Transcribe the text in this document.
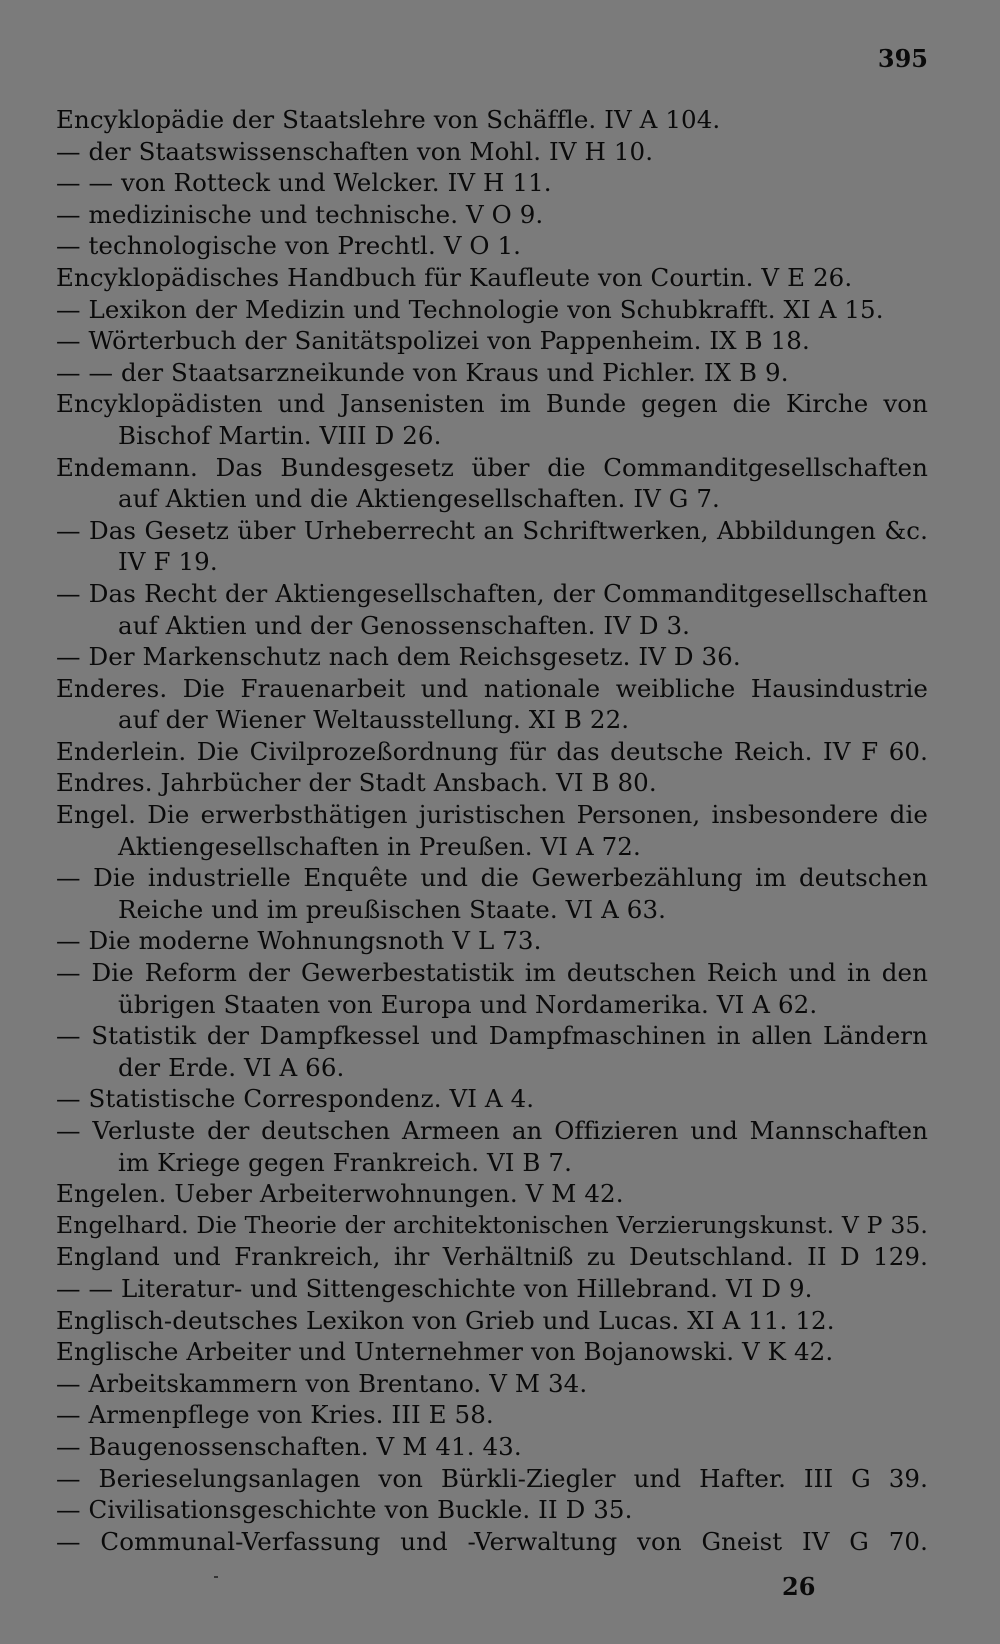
395
Encyklopädie der Staatslehre von Schäffle. IV A 104.
— der Staatswissenschaften von Mohl. IV H 10.
— — von Rotteck und Welcker. IV H 11.
— medizinische und technische. V O 9.
— technologische von Prechtl. V O 1.
Encyklopädisches Handbuch für Kaufleute von Courtin. V E 26.
— Lexikon der Medizin und Technologie von Schubkrafft. XI A 15.
— Wörterbuch der Sanitätspolizei von Pappenheim. IX B 18.
— — der Staatsarzneikunde von Kraus und Pichler. IX B 9.
Encyklopädisten und Jansenisten im Bunde gegen die Kirche von
Bischof Martin. VIII D 26.
Endemann. Das Bundesgesetz über die Commanditgesellschaften
auf Aktien und die Aktiengesellschaften. IV G 7.
— Das Gesetz über Urheberrecht an Schriftwerken, Abbildungen &c.
IV F 19.
— Das Recht der Aktiengesellschaften, der Commanditgesellschaften
auf Aktien und der Genossenschaften. IV D 3.
— Der Markenschutz nach dem Reichsgesetz. IV D 36.
Enderes. Die Frauenarbeit und nationale weibliche Hausindustrie
auf der Wiener Weltausstellung. XI B 22.
Enderlein. Die Civilprozeßordnung für das deutsche Reich. IV F 60.
Endres. Jahrbücher der Stadt Ansbach. VI B 80.
Engel. Die erwerbsthätigen juristischen Personen, insbesondere die
Aktiengesellschaften in Preußen. VI A 72.
— Die industrielle Enquête und die Gewerbezählung im deutschen
Reiche und im preußischen Staate. VI A 63.
— Die moderne Wohnungsnoth V L 73.
— Die Reform der Gewerbestatistik im deutschen Reich und in den
übrigen Staaten von Europa und Nordamerika. VI A 62.
— Statistik der Dampfkessel und Dampfmaschinen in allen Ländern
der Erde. VI A 66.
— Statistische Correspondenz. VI A 4.
— Verluste der deutschen Armeen an Offizieren und Mannschaften
im Kriege gegen Frankreich. VI B 7.
Engelen. Ueber Arbeiterwohnungen. V M 42.
Engelhard. Die Theorie der architektonischen Verzierungskunst. V P 35.
England und Frankreich, ihr Verhältniß zu Deutschland. II D 129.
— — Literatur- und Sittengeschichte von Hillebrand. VI D 9.
Englisch-deutsches Lexikon von Grieb und Lucas. XI A 11. 12.
Englische Arbeiter und Unternehmer von Bojanowski. V K 42.
— Arbeitskammern von Brentano. V M 34.
— Armenpflege von Kries. III E 58.
— Baugenossenschaften. V M 41. 43.
— Berieselungsanlagen von Bürkli-Ziegler und Hafter. III G 39.
— Civilisationsgeschichte von Buckle. II D 35.
— Communal-Verfassung und -Verwaltung von Gneist IV G 70.
26
